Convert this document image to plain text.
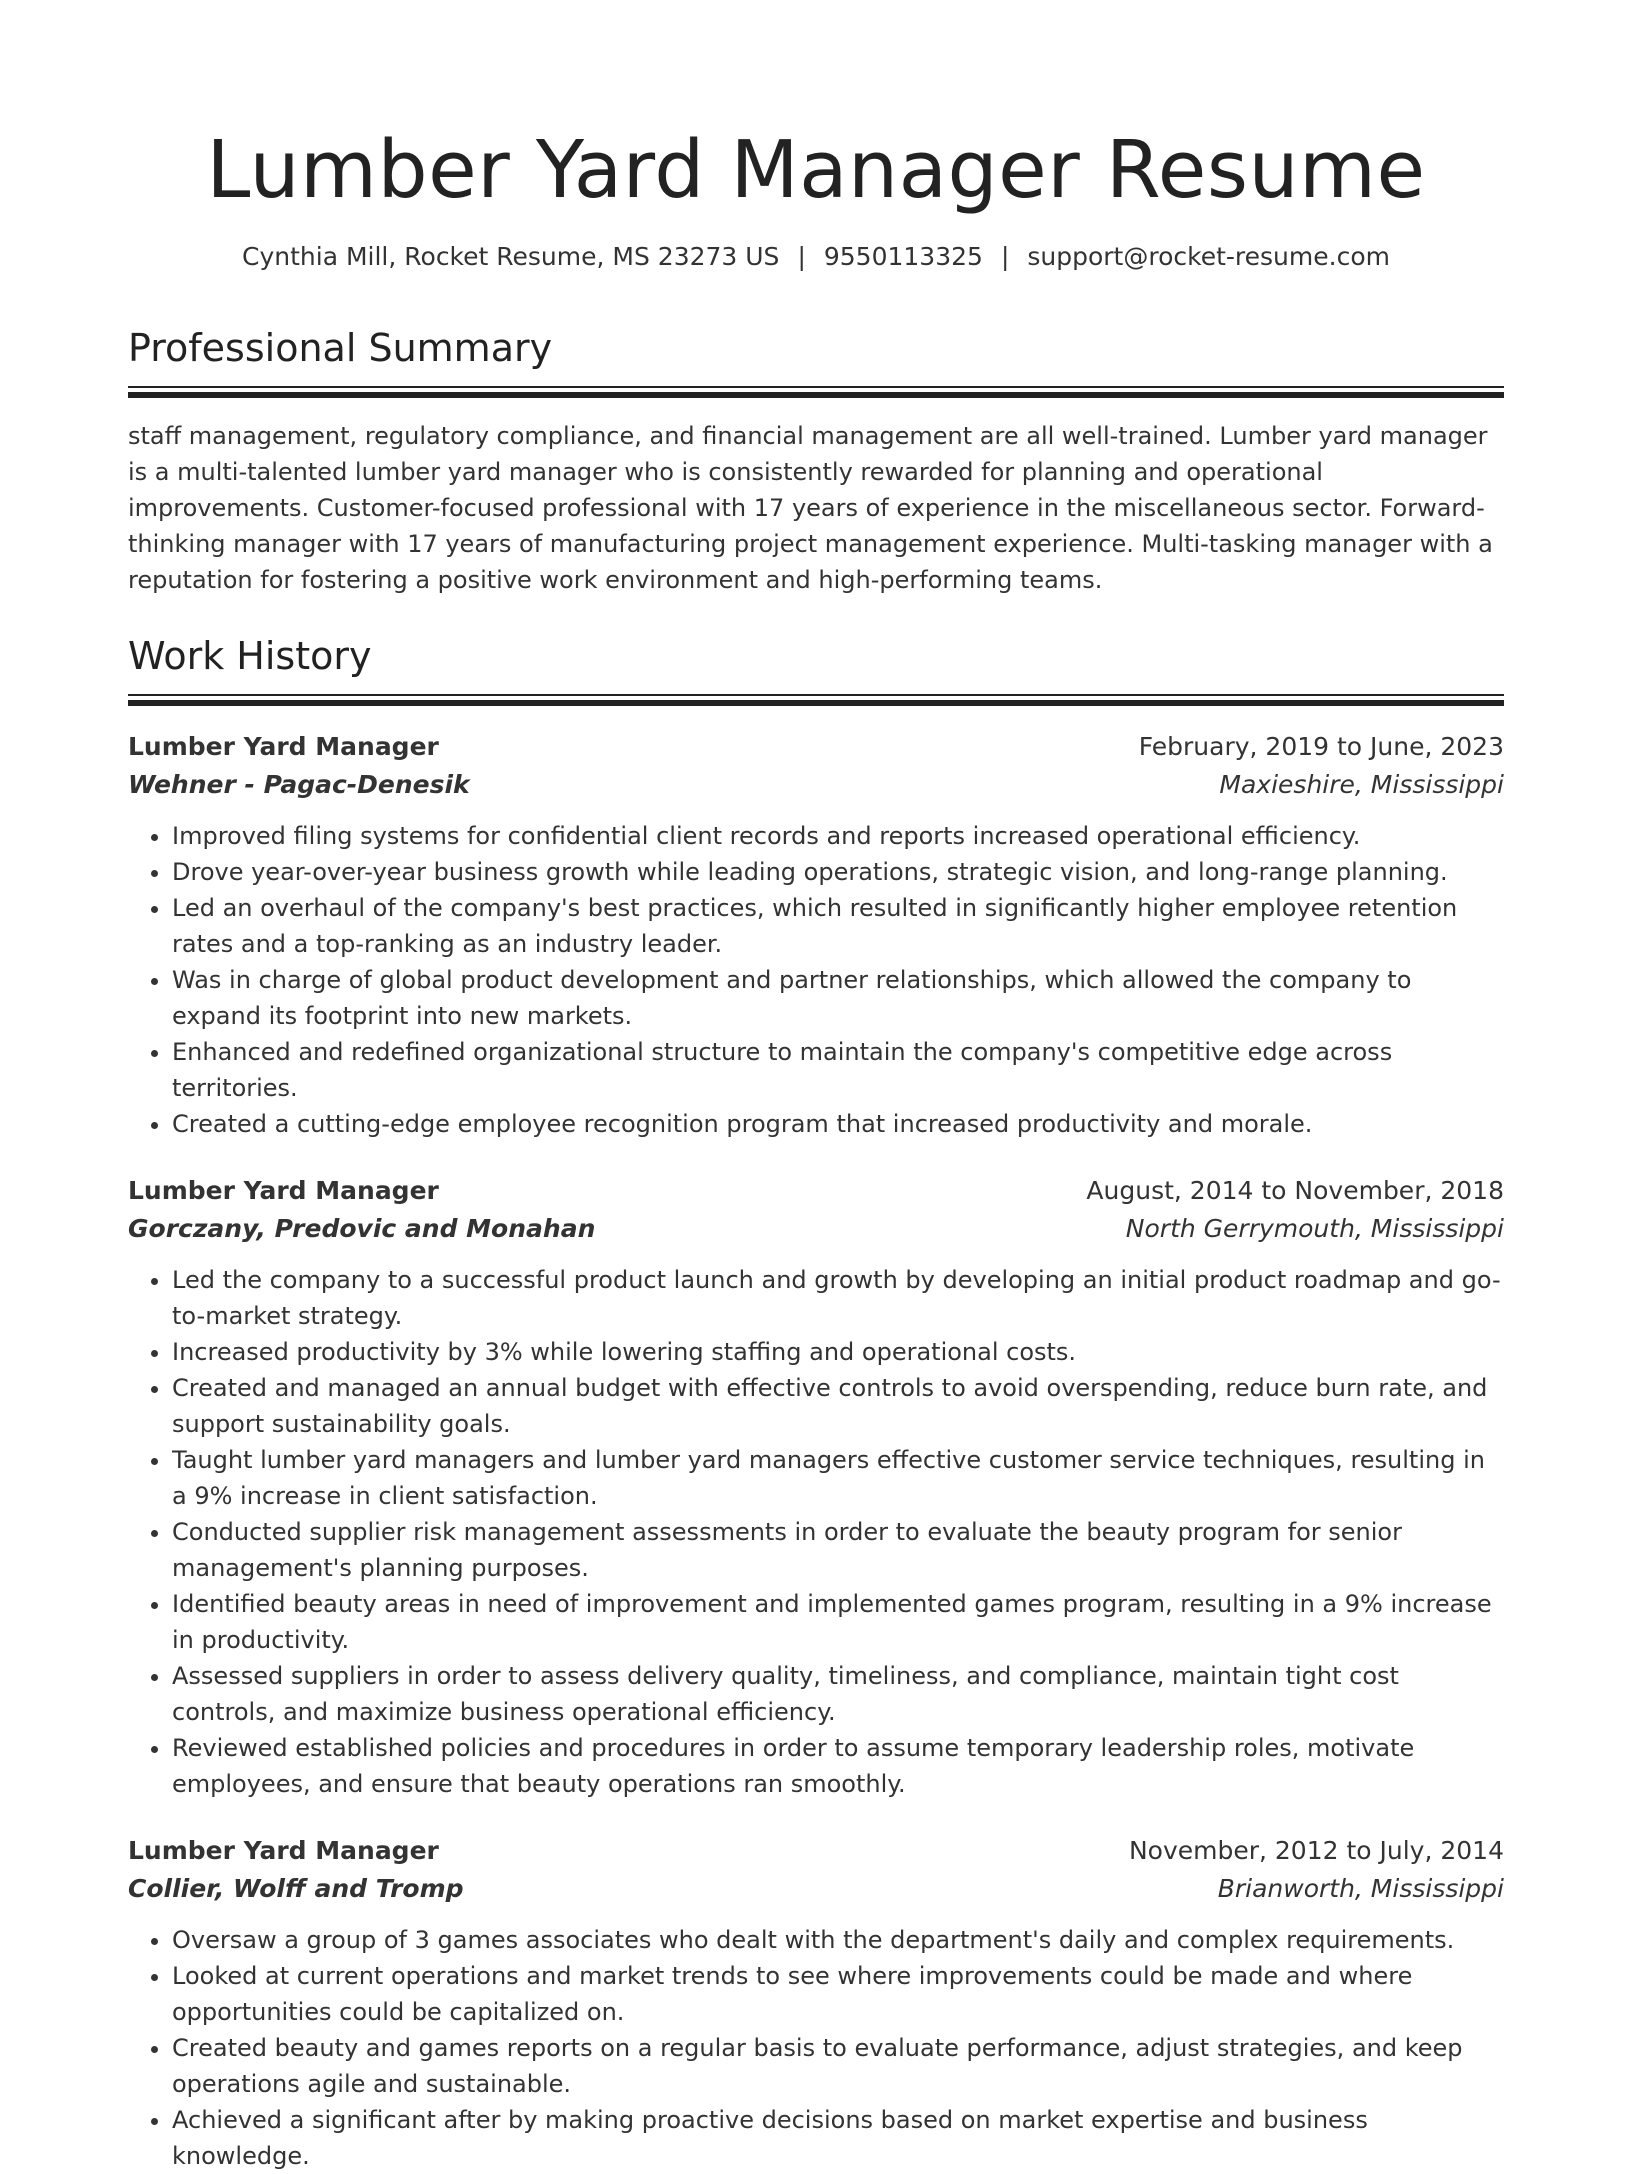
Lumber Yard Manager Resume
Cynthia Mill, Rocket Resume, MS 23273 US | 9550113325 | support@rocket-resume.com
Professional Summary
staff management, regulatory compliance, and financial management are all well-trained. Lumber yard manager is a multi-talented lumber yard manager who is consistently rewarded for planning and operational improvements. Customer-focused professional with 17 years of experience in the miscellaneous sector. Forward-thinking manager with 17 years of manufacturing project management experience. Multi-tasking manager with a reputation for fostering a positive work environment and high-performing teams.
Work History
Lumber Yard Manager	February, 2019 to June, 2023
Wehner - Pagac-Denesik	Maxieshire, Mississippi
• Improved filing systems for confidential client records and reports increased operational efficiency.
• Drove year-over-year business growth while leading operations, strategic vision, and long-range planning.
• Led an overhaul of the company's best practices, which resulted in significantly higher employee retention rates and a top-ranking as an industry leader.
• Was in charge of global product development and partner relationships, which allowed the company to expand its footprint into new markets.
• Enhanced and redefined organizational structure to maintain the company's competitive edge across territories.
• Created a cutting-edge employee recognition program that increased productivity and morale.
Lumber Yard Manager	August, 2014 to November, 2018
Gorczany, Predovic and Monahan	North Gerrymouth, Mississippi
• Led the company to a successful product launch and growth by developing an initial product roadmap and go-to-market strategy.
• Increased productivity by 3% while lowering staffing and operational costs.
• Created and managed an annual budget with effective controls to avoid overspending, reduce burn rate, and support sustainability goals.
• Taught lumber yard managers and lumber yard managers effective customer service techniques, resulting in a 9% increase in client satisfaction.
• Conducted supplier risk management assessments in order to evaluate the beauty program for senior management's planning purposes.
• Identified beauty areas in need of improvement and implemented games program, resulting in a 9% increase in productivity.
• Assessed suppliers in order to assess delivery quality, timeliness, and compliance, maintain tight cost controls, and maximize business operational efficiency.
• Reviewed established policies and procedures in order to assume temporary leadership roles, motivate employees, and ensure that beauty operations ran smoothly.
Lumber Yard Manager	November, 2012 to July, 2014
Collier, Wolff and Tromp	Brianworth, Mississippi
• Oversaw a group of 3 games associates who dealt with the department's daily and complex requirements.
• Looked at current operations and market trends to see where improvements could be made and where opportunities could be capitalized on.
• Created beauty and games reports on a regular basis to evaluate performance, adjust strategies, and keep operations agile and sustainable.
• Achieved a significant after by making proactive decisions based on market expertise and business knowledge.
